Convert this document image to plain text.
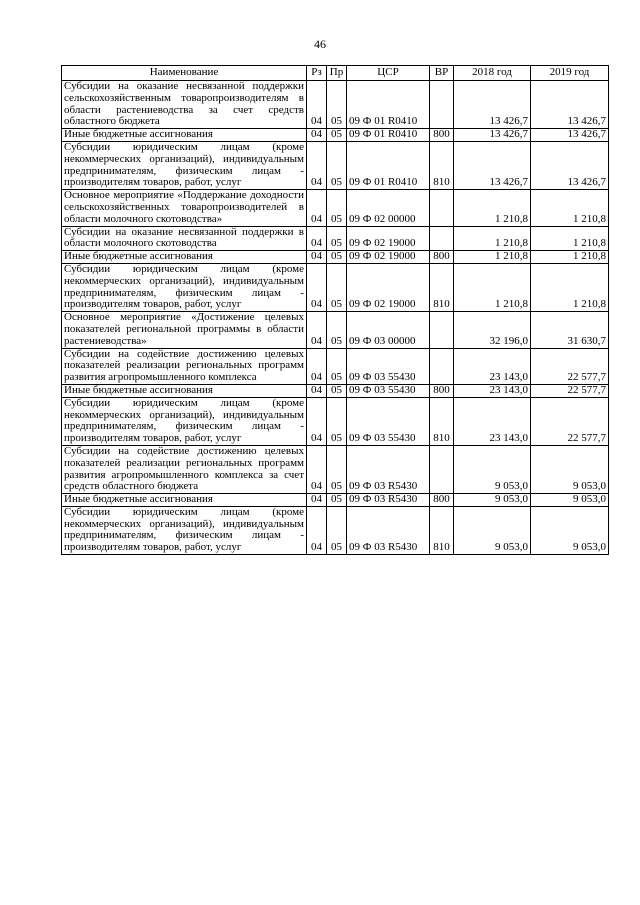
46
Наименование	Рз	Пр	ЦСР	ВР	2018 год	2019 год
Субсидии на оказание несвязанной поддержки сельскохозяйственным товаропроизводителям в области растениеводства за счет средств областного бюджета	04	05	09 Ф 01 R0410		13 426,7	13 426,7
Иные бюджетные ассигнования	04	05	09 Ф 01 R0410	800	13 426,7	13 426,7
Субсидии юридическим лицам (кроме некоммерческих организаций), индивидуальным предпринимателям, физическим лицам - производителям товаров, работ, услуг	04	05	09 Ф 01 R0410	810	13 426,7	13 426,7
Основное мероприятие «Поддержание доходности сельскохозяйственных товаропроизводителей в области молочного скотоводства»	04	05	09 Ф 02 00000		1 210,8	1 210,8
Субсидии на оказание несвязанной поддержки в области молочного скотоводства	04	05	09 Ф 02 19000		1 210,8	1 210,8
Иные бюджетные ассигнования	04	05	09 Ф 02 19000	800	1 210,8	1 210,8
Субсидии юридическим лицам (кроме некоммерческих организаций), индивидуальным предпринимателям, физическим лицам - производителям товаров, работ, услуг	04	05	09 Ф 02 19000	810	1 210,8	1 210,8
Основное мероприятие «Достижение целевых показателей региональной программы в области растениеводства»	04	05	09 Ф 03 00000		32 196,0	31 630,7
Субсидии на содействие достижению целевых показателей реализации региональных программ развития агропромышленного комплекса	04	05	09 Ф 03 55430		23 143,0	22 577,7
Иные бюджетные ассигнования	04	05	09 Ф 03 55430	800	23 143,0	22 577,7
Субсидии юридическим лицам (кроме некоммерческих организаций), индивидуальным предпринимателям, физическим лицам - производителям товаров, работ, услуг	04	05	09 Ф 03 55430	810	23 143,0	22 577,7
Субсидии на содействие достижению целевых показателей реализации региональных программ развития агропромышленного комплекса за счет средств областного бюджета	04	05	09 Ф 03 R5430		9 053,0	9 053,0
Иные бюджетные ассигнования	04	05	09 Ф 03 R5430	800	9 053,0	9 053,0
Субсидии юридическим лицам (кроме некоммерческих организаций), индивидуальным предпринимателям, физическим лицам - производителям товаров, работ, услуг	04	05	09 Ф 03 R5430	810	9 053,0	9 053,0
